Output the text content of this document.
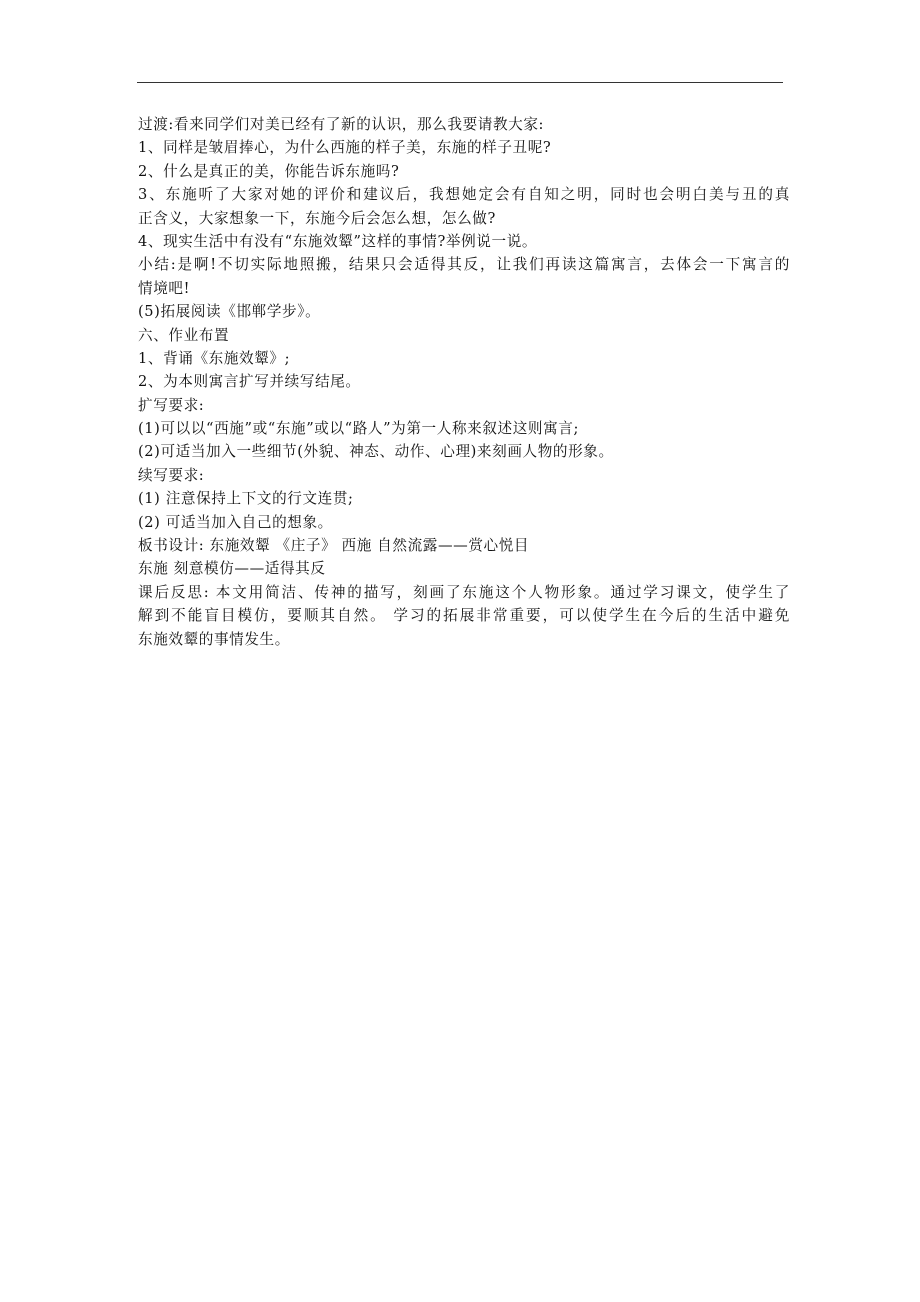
过渡:看来同学们对美已经有了新的认识，那么我要请教大家:

1、同样是皱眉捧心，为什么西施的样子美，东施的样子丑呢?

2、什么是真正的美，你能告诉东施吗?

3、东施听了大家对她的评价和建议后，我想她定会有自知之明，同时也会明白美与丑的真

正含义，大家想象一下，东施今后会怎么想，怎么做?

4、现实生活中有没有“东施效颦”这样的事情?举例说一说。

小结:是啊!不切实际地照搬，结果只会适得其反，让我们再读这篇寓言，去体会一下寓言的

情境吧!

(5)拓展阅读《邯郸学步》。

六、作业布置

1、背诵《东施效颦》;

2、为本则寓言扩写并续写结尾。

扩写要求:

(1)可以以“西施”或“东施”或以“路人”为第一人称来叙述这则寓言;

(2)可适当加入一些细节(外貌、神态、动作、心理)来刻画人物的形象。

续写要求:

(1) 注意保持上下文的行文连贯;

(2) 可适当加入自己的想象。

板书设计: 东施效颦 《庄子》 西施 自然流露——赏心悦目

东施 刻意模仿——适得其反

课后反思: 本文用简洁、传神的描写，刻画了东施这个人物形象。通过学习课文，使学生了

解到不能盲目模仿，要顺其自然。 学习的拓展非常重要，可以使学生在今后的生活中避免

东施效颦的事情发生。
